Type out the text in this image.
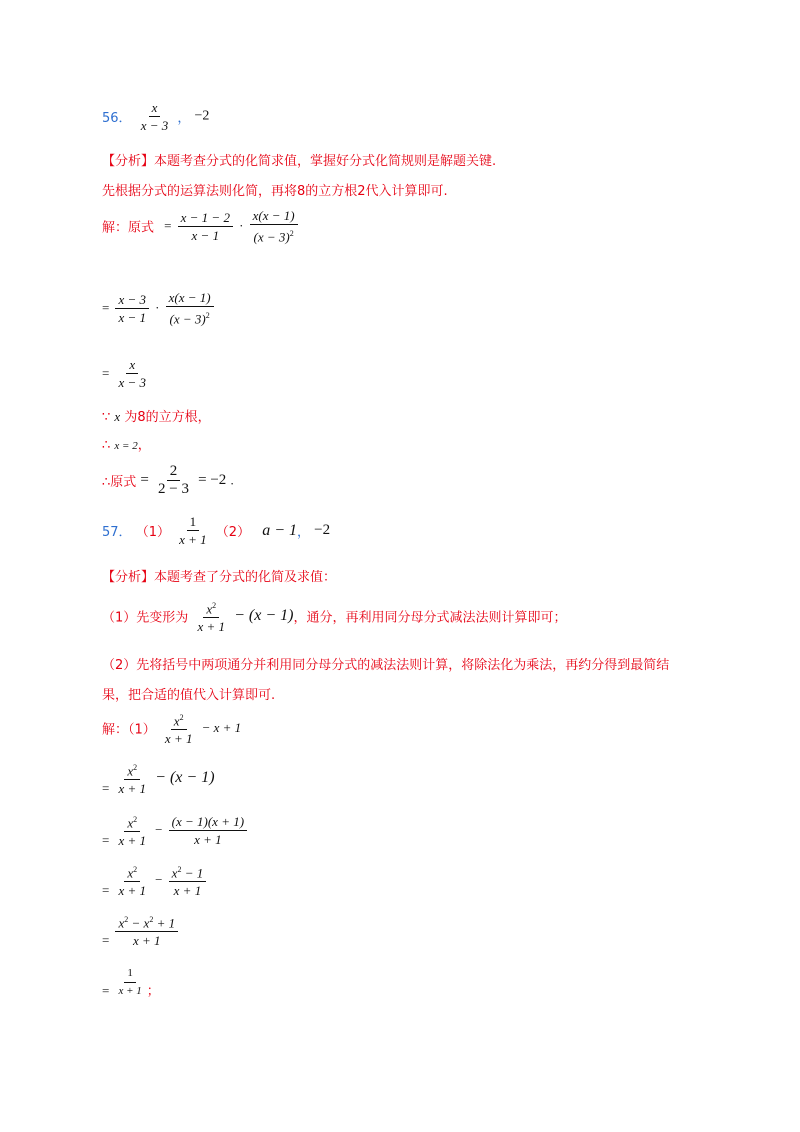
56． $\frac{x}{x - 3}$ ， −2
【分析】本题考查分式的化简求值，掌握好分式化简规则是解题关键.
先根据分式的运算法则化简，再将8的立方根2代入计算即可.
解：原式 = $\frac{x - 1 - 2}{x - 1} \cdot \frac{x(x - 1)}{(x - 3)^2}$
= $\frac{x - 3}{x - 1} \cdot \frac{x(x - 1)}{(x - 3)^2}$
= $\frac{x}{x - 3}$
∵ x 为8的立方根，
∴ x = 2，
∴原式 = $\frac{2}{2 - 3} = -2$ .
57． $(1) \frac{1}{x + 1} (2) a - 1$， −2
【分析】本题考查了分式的化简及求值：
（1）先变形为 $\frac{x^2}{x + 1} - (x - 1)$，通分，再利用同分母分式减法法则计算即可；
（2）先将括号中两项通分并利用同分母分式的减法法则计算，将除法化为乘法，再约分得到最简结
果，把合适的值代入计算即可.
解：$(1) \frac{x^2}{x + 1} - x + 1$
= $\frac{x^2}{x + 1} - (x - 1)$
= $\frac{x^2}{x + 1} - \frac{(x - 1)(x + 1)}{x + 1}$
= $\frac{x^2}{x + 1} - \frac{x^2 - 1}{x + 1}$
= $\frac{x^2 - x^2 + 1}{x + 1}$
= $\frac{1}{x + 1}$ ；
